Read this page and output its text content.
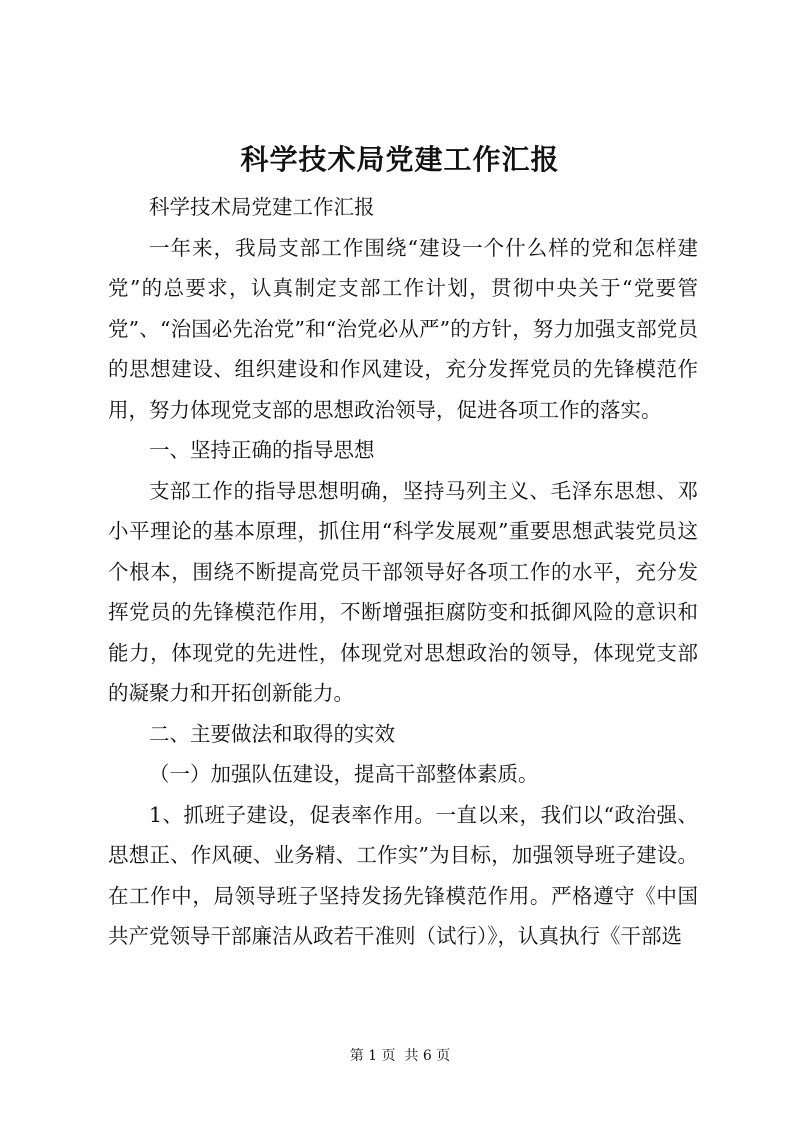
科学技术局党建工作汇报

科学技术局党建工作汇报

一年来，我局支部工作围绕“建设一个什么样的党和怎样建党”的总要求，认真制定支部工作计划，贯彻中央关于“党要管党”、“治国必先治党”和“治党必从严”的方针，努力加强支部党员的思想建设、组织建设和作风建设，充分发挥党员的先锋模范作用，努力体现党支部的思想政治领导，促进各项工作的落实。

一、坚持正确的指导思想

支部工作的指导思想明确，坚持马列主义、毛泽东思想、邓小平理论的基本原理，抓住用“科学发展观”重要思想武装党员这个根本，围绕不断提高党员干部领导好各项工作的水平，充分发挥党员的先锋模范作用，不断增强拒腐防变和抵御风险的意识和能力，体现党的先进性，体现党对思想政治的领导，体现党支部的凝聚力和开拓创新能力。

二、主要做法和取得的实效

（一）加强队伍建设，提高干部整体素质。

1、抓班子建设，促表率作用。一直以来，我们以“政治强、思想正、作风硬、业务精、工作实”为目标，加强领导班子建设。在工作中，局领导班子坚持发扬先锋模范作用。严格遵守《中国共产党领导干部廉洁从政若干准则（试行）》，认真执行《干部选

第 1 页  共 6 页
